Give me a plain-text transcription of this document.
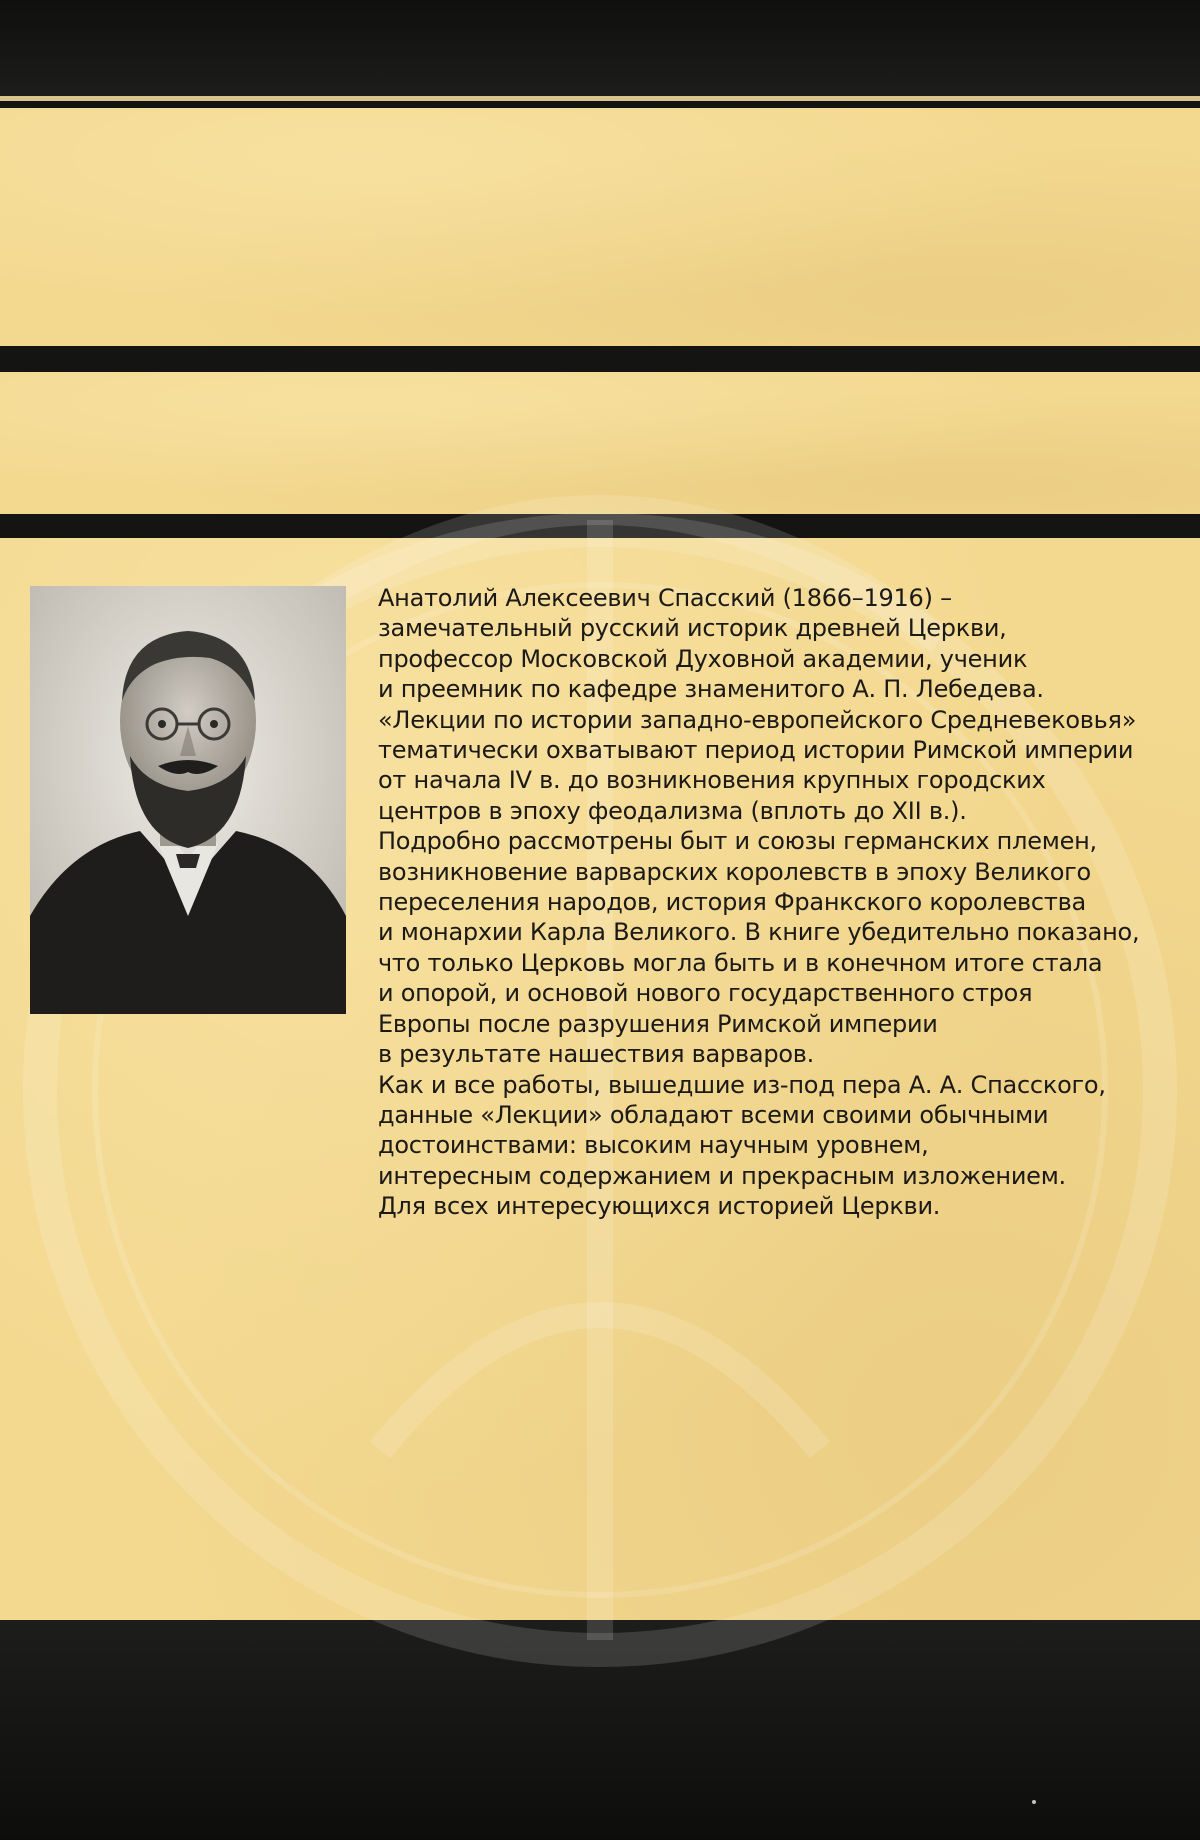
Анатолий Алексеевич Спасский (1866–1916) –
замечательный русский историк древней Церкви,
профессор Московской Духовной академии, ученик
и преемник по кафедре знаменитого А. П. Лебедева.
«Лекции по истории западно-европейского Средневековья»
тематически охватывают период истории Римской империи
от начала IV в. до возникновения крупных городских
центров в эпоху феодализма (вплоть до XII в.).
Подробно рассмотрены быт и союзы германских племен,
возникновение варварских королевств в эпоху Великого
переселения народов, история Франкского королевства
и монархии Карла Великого. В книге убедительно показано,
что только Церковь могла быть и в конечном итоге стала
и опорой, и основой нового государственного строя
Европы после разрушения Римской империи
в результате нашествия варваров.
Как и все работы, вышедшие из-под пера А. А. Спасского,
данные «Лекции» обладают всеми своими обычными
достоинствами: высоким научным уровнем,
интересным содержанием и прекрасным изложением.
Для всех интересующихся историей Церкви.
